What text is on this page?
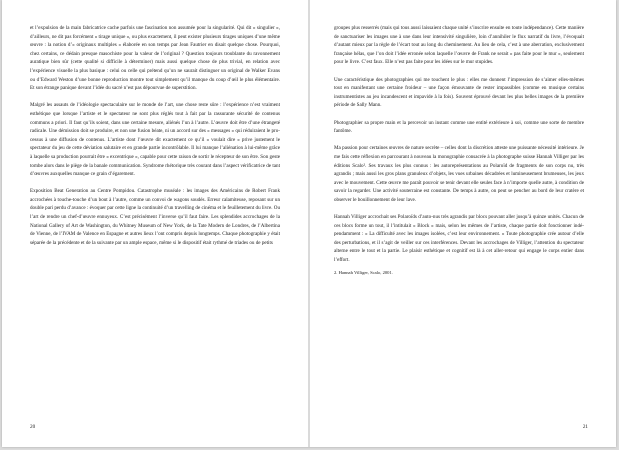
et l’expulsion de la main fabricatrice cache parfois une fascination non assumée pour la singularité. Qui dit « singulier », d’ailleurs, ne dit pas forcément « tirage unique », ou plus exactement, il peut exister plusieurs tirages uniques d’une même œuvre : la notion d’« originaux multiples » élaborée en son temps par Jean Fautrier en disait quelque chose. Pourquoi, chez certains, ce dédain presque masochiste pour la valeur de l’original ? Question toujours troublante du ravonnement auratique bien sûr (cette qualité si difficile à déterminer) mais aussi quelque chose de plus trivial, en relation avec l’expérience visuelle la plus basique : celui ou celle qui prétend qu’un ne saurait distinguer un original de Walker Evans ou d’Edward Weston d’une bonne reproduction montre tout simplement qu’il manque du coup d’œil le plus élémentaire. Et son étrange panique devant l’idée du sacré n’est pas dépourvue de superstition.

Malgré les assauts de l’idéologie spectaculaire sur le monde de l’art, une chose reste sûre : l’expérience n’est vraiment esthétique que lorsque l’artiste et le spectateur ne sont plus réglés tout à fait par la rassurante sécurité de contenus communs a priori. Il faut qu’ils soient, dans une certaine mesure, aliénés l’un à l’autre. L’œuvre doit être d’une étrangeté radicale. Une démission doit se produire, et non une fusion béate, ni un accord sur des « messages » qui réduiraient le processus à une diffusion de contenus. L’artiste dont l’œuvre dit exactement ce qu’il « voulait dire » prive justement le spectateur du jeu de cette déviation salutaire et en grande partie incontrôlable. Il lui manque l’aliénation à lui-même grâce à laquelle sa production pourrait être « excentrique », capable pour cette raison de sortir le récepteur de son être. Son geste tombe alors dans le piège de la banale communication. Syndrome rhétorique très courant dans l’aspect vérificatrice de tant d’œuvres auxquelles manque ce grain d’égarement.

Exposition Beat Generation au Centre Pompidou. Catastrophe muséale : les images des Américains de Robert Frank accrochées à touche-touche d’un bout à l’autre, comme un convoi de wagons soudés. Erreur calamiteuse, reposant sur un double pari perdu d’avance : évoquer par cette ligne la continuité d’un travelling de cinéma et le feuilletement du livre. Ou l’art de rendre un chef-d’œuvre ennuyeux. C’est précisément l’inverse qu’il faut faire. Les splendides accrochages de la National Gallery of Art de Washington, du Whitney Museum of New York, de la Tate Modern de Londres, de l’Albertina de Vienne, de l’IVAM de Valence en Espagne et autres lieux l’ont compris depuis longtemps. Chaque photographie y était séparée de la précédente et de la suivante par un ample espace, même si le dispositif était rythmé de triades ou de petits

20

groupes plus resserrés (mais qui tous aussi laissaient chaque unité s’inscrire ensuite en toute indépendance). Cette manière de sanctuariser les images une à une dans leur intensivité singulière, loin d’annihiler le flux narratif du livre, l’évoquait d’autant mieux par la règle de l’écart tout au long du cheminement. Au lieu de cela, c’est à une aberration, exclusivement française hélas, que l’on doit l’idée erronée selon laquelle l’œuvre de Frank ne serait « pas faite pour le mur », seulement pour le livre. C’est faux. Elle n’est pas faite pour les idées sur le mur stupides.

Une caractéristique des photographies qui me touchent le plus : elles me donnent l’impression de s’aimer elles-mêmes tout en manifestant une certaine froideur – une façon émouvante de rester impassibles (comme en musique certains instrumentistes au jeu incandescent et impavide à la fois). Souvent éprouvé devant les plus belles images de la première période de Sally Mann.

Photographier sa propre main et la percevoir un instant comme une entité extérieure à soi, comme une sorte de membre fantôme.

Ma passion pour certaines œuvres de nature secrète – celles dont la discrétion atteste une puissante nécessité intérieure. Je me fais cette réflexion en parcourant à nouveau la monographie consacrée à la photographe suisse Hannah Villiger par les éditions Scalo². Ses travaux les plus connus : les autoreprésentations au Polaroïd de fragments de son corps nu, très agrandis ; mais aussi les gros plans granuleux d’objets, les vues urbaines décadrées et lumineusement brumeuses, les jeux avec le mouvement. Cette œuvre me paraît pouvoir se tenir devant elle seules face à n’importe quelle autre, à condition de savoir la regarder. Une activité souterraine est constante. De temps à autre, on peut se pencher au bord de leur cratère et observer le bouillonnement de leur lave.

Hannah Villiger accrochait ses Polaroïds d’auto-nus très agrandis par blocs pouvant aller jusqu’à quinze unités. Chacun de ces blocs forme un tout, il l’intitulait « Block » mais, selon les mêmes de l’artiste, chaque partie doit fonctionner indépendamment : « La difficulté avec les images isolées, c’est leur environnement. » Toute photographie crée autour d’elle des perturbations, et il s’agit de veiller sur ces interférences. Devant les accrochages de Villiger, l’attention du spectateur alterne entre le tout et la partie. Le plaisir esthétique et cognitif est là à cet aller-retour qui engage le corps entier dans l’effort.

2. Hannah Villiger, Scalo, 2001.

21
